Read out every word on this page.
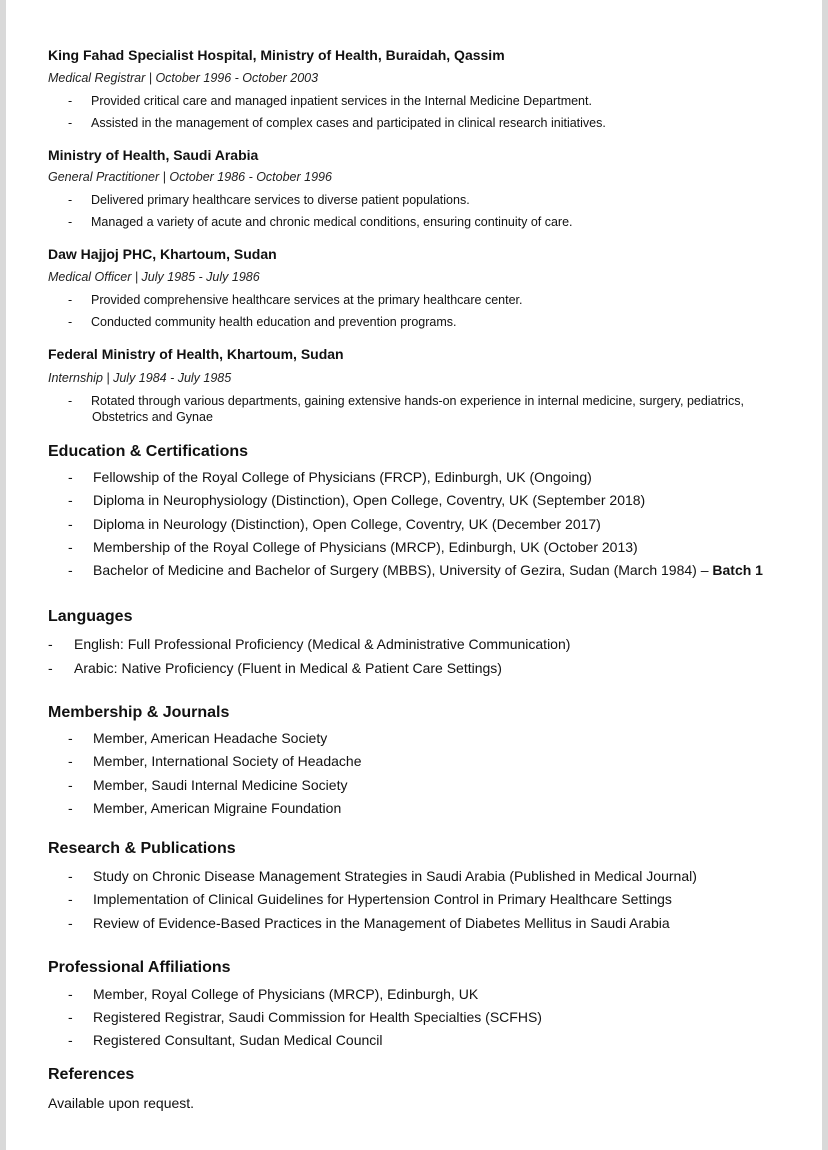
King Fahad Specialist Hospital, Ministry of Health, Buraidah, Qassim
Medical Registrar | October 1996 - October 2003
- Provided critical care and managed inpatient services in the Internal Medicine Department.
- Assisted in the management of complex cases and participated in clinical research initiatives.
Ministry of Health, Saudi Arabia
General Practitioner | October 1986 - October 1996
- Delivered primary healthcare services to diverse patient populations.
- Managed a variety of acute and chronic medical conditions, ensuring continuity of care.
Daw Hajjoj PHC, Khartoum, Sudan
Medical Officer | July 1985 - July 1986
- Provided comprehensive healthcare services at the primary healthcare center.
- Conducted community health education and prevention programs.
Federal Ministry of Health, Khartoum, Sudan
Internship | July 1984 - July 1985
- Rotated through various departments, gaining extensive hands-on experience in internal medicine, surgery, pediatrics,
Obstetrics and Gynae
Education & Certifications
- Fellowship of the Royal College of Physicians (FRCP), Edinburgh, UK (Ongoing)
- Diploma in Neurophysiology (Distinction), Open College, Coventry, UK (September 2018)
- Diploma in Neurology (Distinction), Open College, Coventry, UK (December 2017)
- Membership of the Royal College of Physicians (MRCP), Edinburgh, UK (October 2013)
- Bachelor of Medicine and Bachelor of Surgery (MBBS), University of Gezira, Sudan (March 1984) – Batch 1
Languages
- English: Full Professional Proficiency (Medical & Administrative Communication)
- Arabic: Native Proficiency (Fluent in Medical & Patient Care Settings)
Membership & Journals
- Member, American Headache Society
- Member, International Society of Headache
- Member, Saudi Internal Medicine Society
- Member, American Migraine Foundation
Research & Publications
- Study on Chronic Disease Management Strategies in Saudi Arabia (Published in Medical Journal)
- Implementation of Clinical Guidelines for Hypertension Control in Primary Healthcare Settings
- Review of Evidence-Based Practices in the Management of Diabetes Mellitus in Saudi Arabia
Professional Affiliations
- Member, Royal College of Physicians (MRCP), Edinburgh, UK
- Registered Registrar, Saudi Commission for Health Specialties (SCFHS)
- Registered Consultant, Sudan Medical Council
References
Available upon request.
